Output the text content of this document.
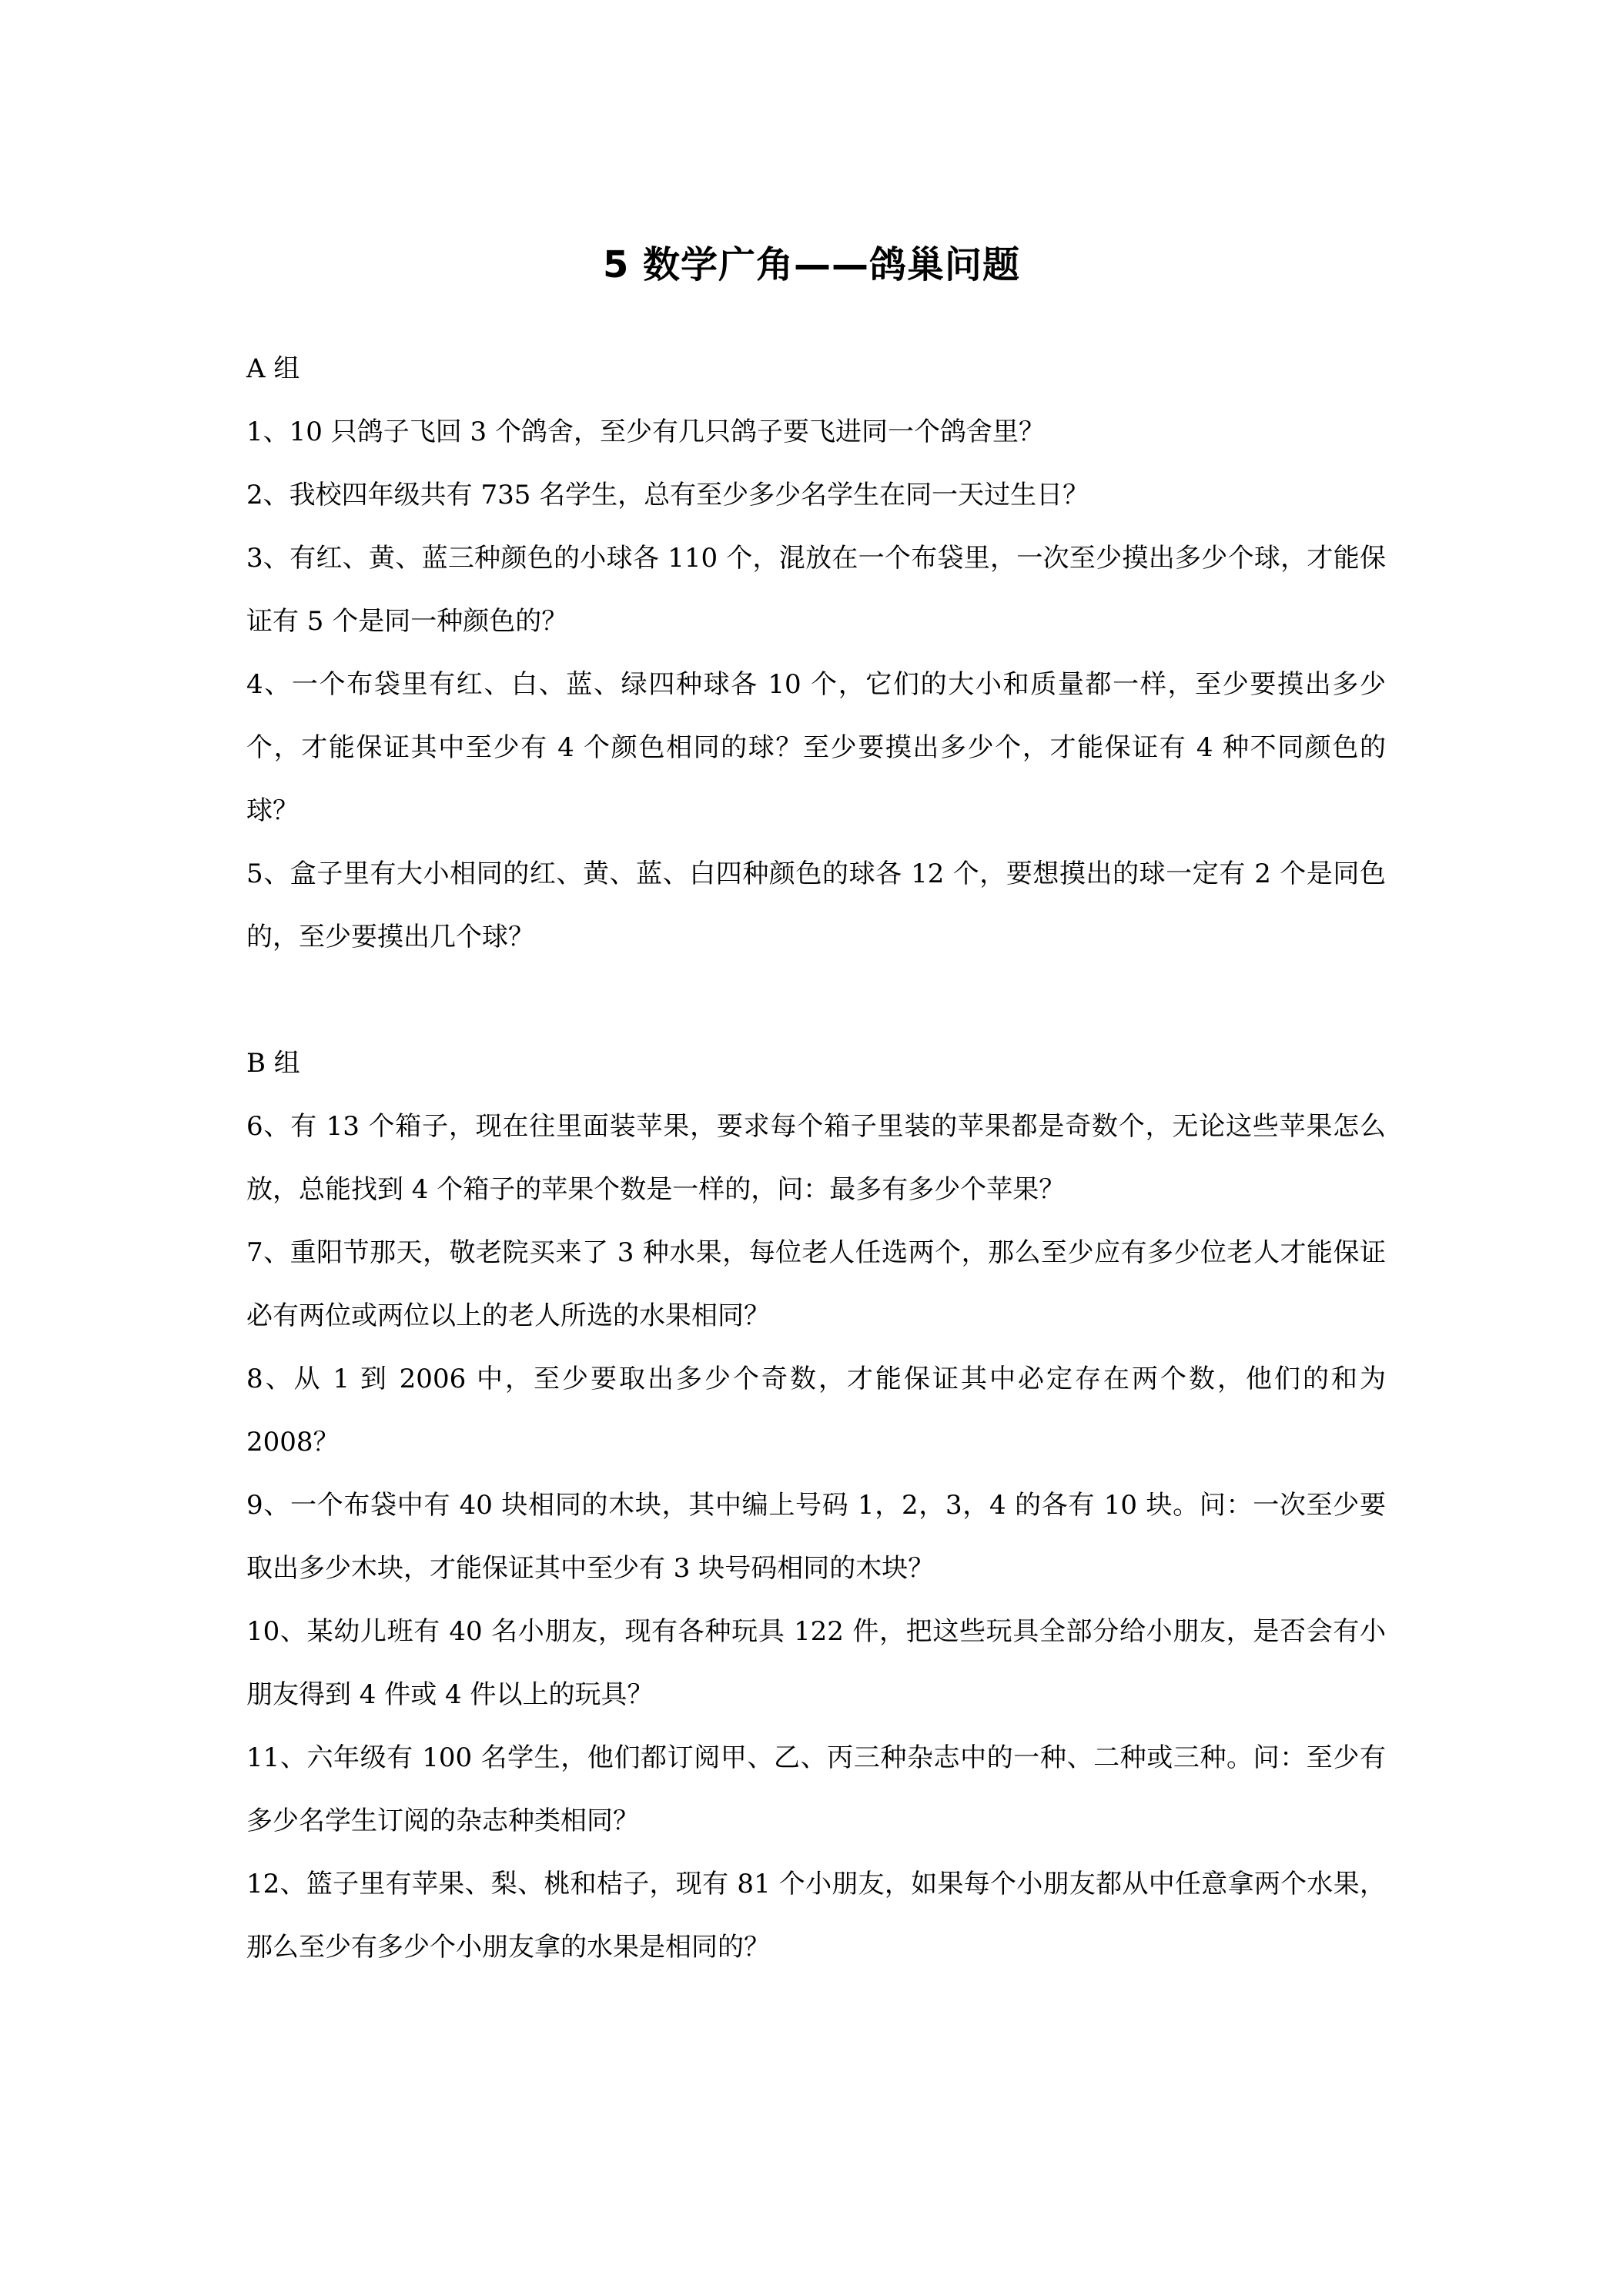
5 数学广角——鸽巢问题
A 组

1、10 只鸽子飞回 3 个鸽舍，至少有几只鸽子要飞进同一个鸽舍里？

2、我校四年级共有 735 名学生，总有至少多少名学生在同一天过生日？

3、有红、黄、蓝三种颜色的小球各 110 个，混放在一个布袋里，一次至少摸出多少个球，才能保证有 5 个是同一种颜色的？

4、一个布袋里有红、白、蓝、绿四种球各 10 个，它们的大小和质量都一样，至少要摸出多少个，才能保证其中至少有 4 个颜色相同的球？至少要摸出多少个，才能保证有 4 种不同颜色的球？

5、盒子里有大小相同的红、黄、蓝、白四种颜色的球各 12 个，要想摸出的球一定有 2 个是同色的，至少要摸出几个球？

B 组

6、有 13 个箱子，现在往里面装苹果，要求每个箱子里装的苹果都是奇数个，无论这些苹果怎么放，总能找到 4 个箱子的苹果个数是一样的，问：最多有多少个苹果？

7、重阳节那天，敬老院买来了 3 种水果，每位老人任选两个，那么至少应有多少位老人才能保证必有两位或两位以上的老人所选的水果相同？

8、从 1 到 2006 中，至少要取出多少个奇数，才能保证其中必定存在两个数，他们的和为 2008？

9、一个布袋中有 40 块相同的木块，其中编上号码 1，2，3，4 的各有 10 块。问：一次至少要取出多少木块，才能保证其中至少有 3 块号码相同的木块？

10、某幼儿班有 40 名小朋友，现有各种玩具 122 件，把这些玩具全部分给小朋友，是否会有小朋友得到 4 件或 4 件以上的玩具？

11、六年级有 100 名学生，他们都订阅甲、乙、丙三种杂志中的一种、二种或三种。问：至少有多少名学生订阅的杂志种类相同？

12、篮子里有苹果、梨、桃和桔子，现有 81 个小朋友，如果每个小朋友都从中任意拿两个水果，那么至少有多少个小朋友拿的水果是相同的？
